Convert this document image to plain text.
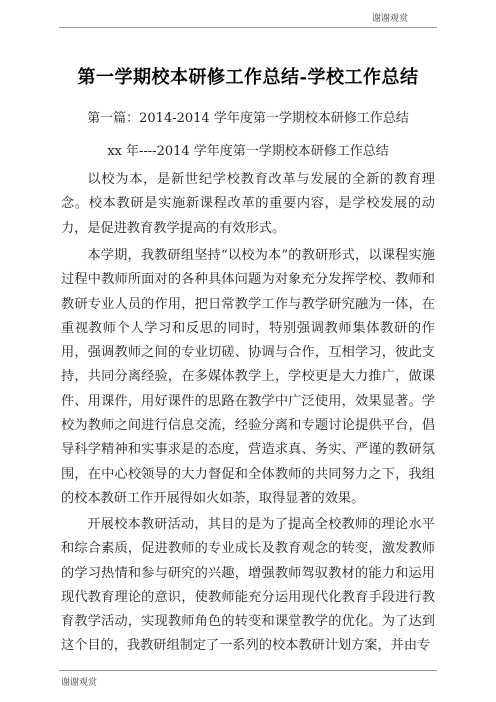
谢谢观赏
第一学期校本研修工作总结-学校工作总结
第一篇：2014-2014 学年度第一学期校本研修工作总结
xx 年----2014 学年度第一学期校本研修工作总结

以校为本，是新世纪学校教育改革与发展的全新的教育理念。校本教研是实施新课程改革的重要内容，是学校发展的动力，是促进教育教学提高的有效形式。

本学期，我教研组坚持“以校为本”的教研形式，以课程实施过程中教师所面对的各种具体问题为对象充分发挥学校、教师和教研专业人员的作用，把日常教学工作与教学研究融为一体，在重视教师个人学习和反思的同时，特别强调教师集体教研的作用，强调教师之间的专业切磋、协调与合作，互相学习，彼此支持，共同分离经验，在多媒体教学上，学校更是大力推广，做课件、用课件，用好课件的思路在教学中广泛使用，效果显著。学校为教师之间进行信息交流，经验分离和专题讨论提供平台，倡导科学精神和实事求是的态度，营造求真、务实、严谨的教研氛围，在中心校领导的大力督促和全体教师的共同努力之下，我组的校本教研工作开展得如火如荼，取得显著的效果。

开展校本教研活动，其目的是为了提高全校教师的理论水平和综合素质，促进教师的专业成长及教育观念的转变，激发教师的学习热情和参与研究的兴趣，增强教师驾驭教材的能力和运用现代教育理论的意识，使教师能充分运用现代化教育手段进行教育教学活动，实现教师角色的转变和课堂教学的优化。为了达到这个目的，我教研组制定了一系列的校本教研计划方案，并由专

谢谢观赏
